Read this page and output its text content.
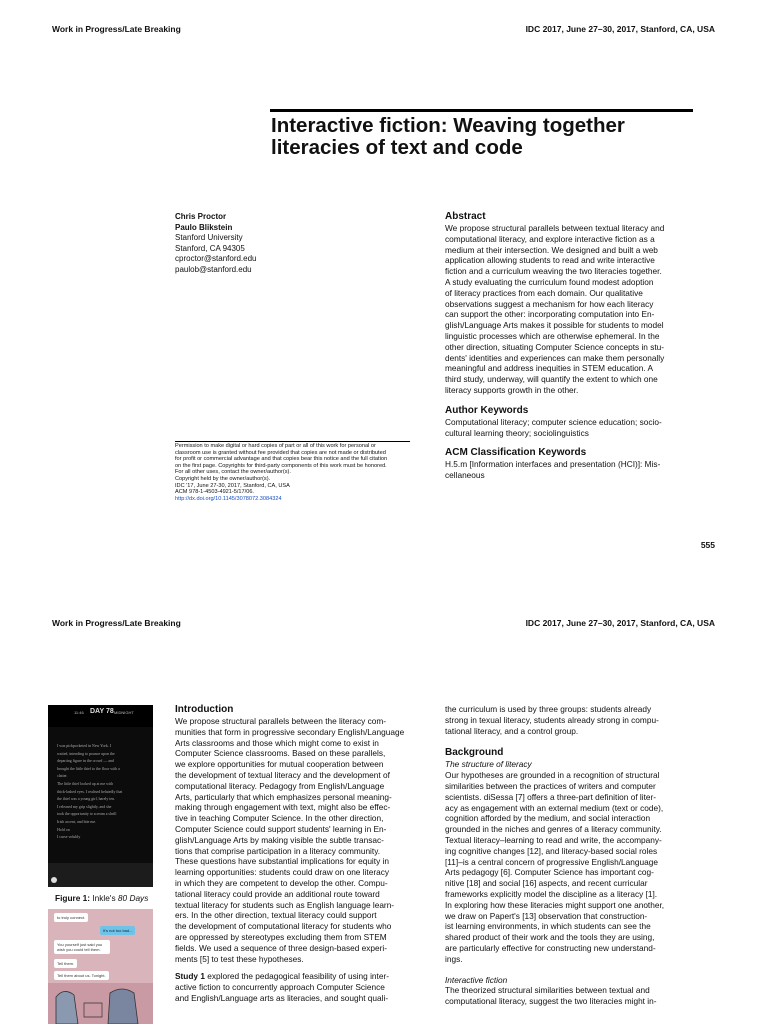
Work in Progress/Late Breaking	IDC 2017, June 27–30, 2017, Stanford, CA, USA
Interactive fiction: Weaving together
literacies of text and code
Chris Proctor
Paulo Blikstein
Stanford University
Stanford, CA 94305
cproctor@stanford.edu
paulob@stanford.edu
Abstract
We propose structural parallels between textual literacy and
computational literacy, and explore interactive fiction as a
medium at their intersection. We designed and built a web
application allowing students to read and write interactive
fiction and a curriculum weaving the two literacies together.
A study evaluating the curriculum found modest adoption
of literacy practices from each domain. Our qualitative
observations suggest a mechanism for how each literacy
can support the other: incorporating computation into En-
glish/Language Arts makes it possible for students to model
linguistic processes which are otherwise ephemeral. In the
other direction, situating Computer Science concepts in stu-
dents' identities and experiences can make them personally
meaningful and address inequities in STEM education. A
third study, underway, will quantify the extent to which one
literacy supports growth in the other.
Author Keywords
Computational literacy; computer science education; socio-
cultural learning theory; sociolinguistics
ACM Classification Keywords
H.5.m [Information interfaces and presentation (HCI)]: Mis-
cellaneous
Permission to make digital or hard copies of part or all of this work for personal or
classroom use is granted without fee provided that copies are not made or distributed
for profit or commercial advantage and that copies bear this notice and the full citation
on the first page. Copyrights for third-party components of this work must be honored.
For all other uses, contact the owner/author(s).
Copyright held by the owner/author(s).
IDC '17, June 27-30, 2017, Stanford, CA, USA
ACM 978-1-4503-4921-5/17/06.
http://dx.doi.org/10.1145/3078072.3084324
555
Work in Progress/Late Breaking	IDC 2017, June 27–30, 2017, Stanford, CA, USA
11:46 DAY 78 MIDNIGHT
I was pickpocketed in New York. I
waited, intending to pounce upon the
departing figure in the crowd — and
brought the little thief to the floor with a
clatter.
The little thief looked up at me with
thick-lashed eyes. I realised belatedly that
the thief was a young girl, barely ten.
I released my grip slightly, and she
took the opportunity to scream a shrill
Irish accent, and bite me.
Hold on
I curse volubly
Figure 1: Inkle's 80 Days
to truly connect.
It's not too bad...
You yourself just said you wish you could tell them.
Tell them.
Tell them about us. Tonight.
Introduction
We propose structural parallels between the literacy com-
munities that form in progressive secondary English/Language
Arts classrooms and those which might come to exist in
Computer Science classrooms. Based on these parallels,
we explore opportunities for mutual cooperation between
the development of textual literacy and the development of
computational literacy. Pedagogy from English/Language
Arts, particularly that which emphasizes personal meaning-
making through engagement with text, might also be effec-
tive in teaching Computer Science. In the other direction,
Computer Science could support students' learning in En-
glish/Language Arts by making visible the subtle transac-
tions that comprise participation in a literacy community.
These questions have substantial implications for equity in
learning opportunities: students could draw on one literacy
in which they are competent to develop the other. Compu-
tational literacy could provide an additional route toward
textual literacy for students such as English language learn-
ers. In the other direction, textual literacy could support
the development of computational literacy for students who
are oppressed by stereotypes excluding them from STEM
fields. We used a sequence of three design-based experi-
ments [5] to test these hypotheses.
Study 1 explored the pedagogical feasibility of using inter-
active fiction to concurrently approach Computer Science
and English/Language arts as literacies, and sought quali-
the curriculum is used by three groups: students already
strong in texual literacy, students already strong in compu-
tational literacy, and a control group.
Background
The structure of literacy
Our hypotheses are grounded in a recognition of structural
similarities between the practices of writers and computer
scientists. diSessa [7] offers a three-part definition of liter-
acy as engagement with an external medium (text or code),
cognition afforded by the medium, and social interaction
grounded in the niches and genres of a literacy community.
Textual literacy–learning to read and write, the accompany-
ing cognitive changes [12], and literacy-based social roles
[11]–is a central concern of progressive English/Language
Arts pedagogy [6]. Computer Science has important cog-
nitive [18] and social [16] aspects, and recent curricular
frameworks explicitly model the discipline as a literacy [1].
In exploring how these literacies might support one another,
we draw on Papert's [13] observation that construction-
ist learning environments, in which students can see the
shared product of their work and the tools they are using,
are particularly effective for constructing new understand-
ings.
Interactive fiction
The theorized structural similarities between textual and
computational literacy, suggest the two literacies might in-
